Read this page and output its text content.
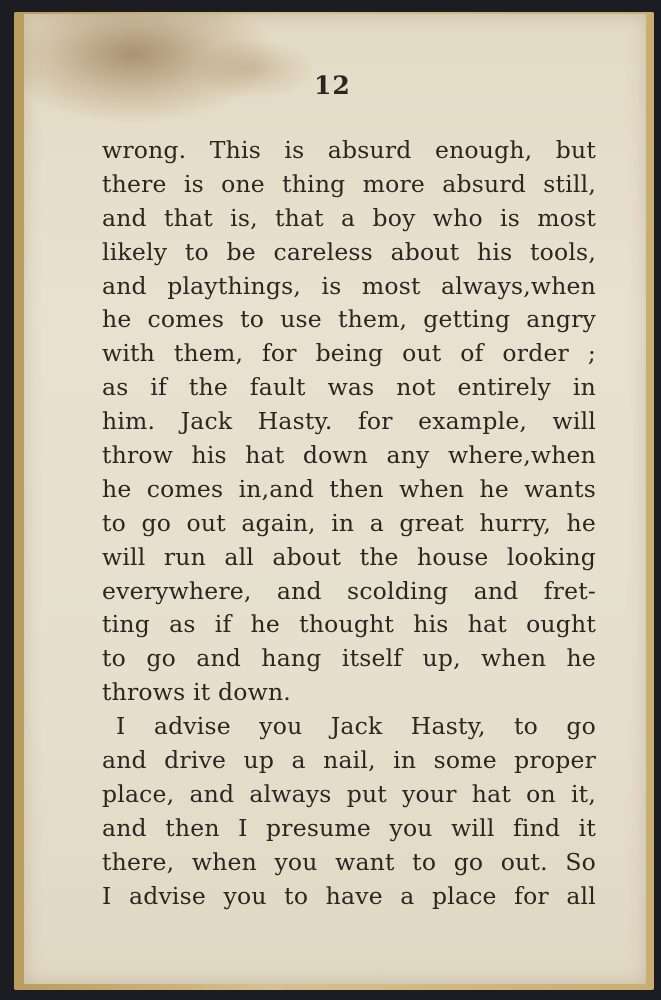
12
wrong. This is absurd enough, but
there is one thing more absurd still,
and that is, that a boy who is most
likely to be careless about his tools,
and playthings, is most always,when
he comes to use them, getting angry
with them, for being out of order ;
as if the fault was not entirely in
him. Jack Hasty. for example, will
throw his hat down any where,when
he comes in,and then when he wants
to go out again, in a great hurry, he
will run all about the house looking
everywhere, and scolding and fret-
ting as if he thought his hat ought
to go and hang itself up, when he
throws it down.
I advise you Jack Hasty, to go
and drive up a nail, in some proper
place, and always put your hat on it,
and then I presume you will find it
there, when you want to go out. So
I advise you to have a place for all
